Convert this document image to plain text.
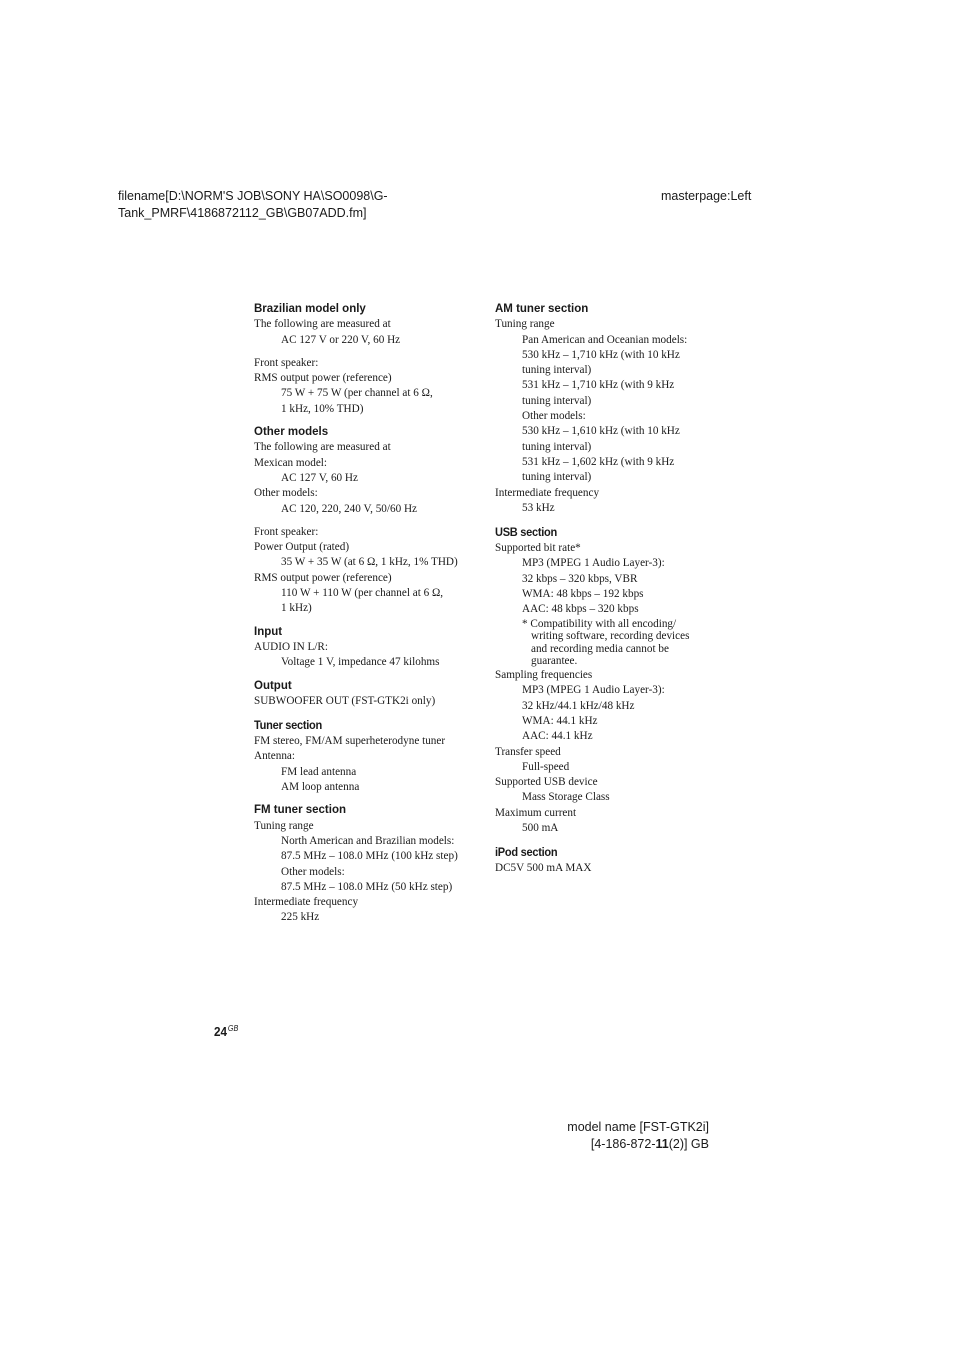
filename[D:\NORM'S JOB\SONY HA\SO0098\G-
Tank_PMRF\4186872112_GB\GB07ADD.fm]
masterpage:Left
Brazilian model only
The following are measured at
AC 127 V or 220 V, 60 Hz
Front speaker:
RMS output power (reference)
75 W + 75 W (per channel at 6 Ω,
1 kHz, 10% THD)
Other models
The following are measured at
Mexican model:
AC 127 V, 60 Hz
Other models:
AC 120, 220, 240 V, 50/60 Hz
Front speaker:
Power Output (rated)
35 W + 35 W (at 6 Ω, 1 kHz, 1% THD)
RMS output power (reference)
110 W + 110 W (per channel at 6 Ω,
1 kHz)
Input
AUDIO IN L/R:
Voltage 1 V, impedance 47 kilohms
Output
SUBWOOFER OUT (FST-GTK2i only)
Tuner section
FM stereo, FM/AM superheterodyne tuner
Antenna:
FM lead antenna
AM loop antenna
FM tuner section
Tuning range
North American and Brazilian models:
87.5 MHz – 108.0 MHz (100 kHz step)
Other models:
87.5 MHz – 108.0 MHz (50 kHz step)
Intermediate frequency
225 kHz
AM tuner section
Tuning range
Pan American and Oceanian models:
530 kHz – 1,710 kHz (with 10 kHz
tuning interval)
531 kHz – 1,710 kHz (with 9 kHz
tuning interval)
Other models:
530 kHz – 1,610 kHz (with 10 kHz
tuning interval)
531 kHz – 1,602 kHz (with 9 kHz
tuning interval)
Intermediate frequency
53 kHz
USB section
Supported bit rate*
MP3 (MPEG 1 Audio Layer-3):
32 kbps – 320 kbps, VBR
WMA: 48 kbps – 192 kbps
AAC: 48 kbps – 320 kbps
* Compatibility with all encoding/
writing software, recording devices
and recording media cannot be
guarantee.
Sampling frequencies
MP3 (MPEG 1 Audio Layer-3):
32 kHz/44.1 kHz/48 kHz
WMA: 44.1 kHz
AAC: 44.1 kHz
Transfer speed
Full-speed
Supported USB device
Mass Storage Class
Maximum current
500 mA
iPod section
DC5V 500 mA MAX
$24^{GB}$
model name [FST-GTK2i]
[4-186-872-11(2)] GB
